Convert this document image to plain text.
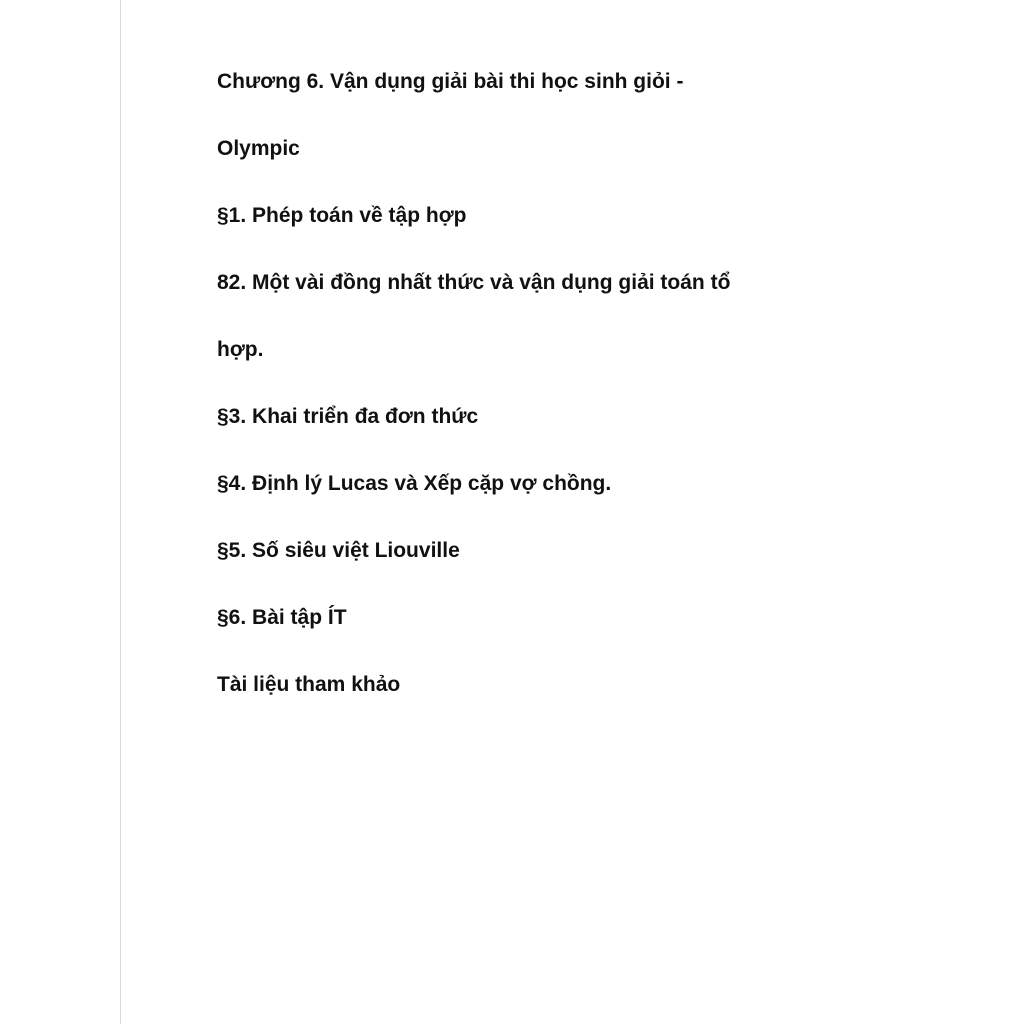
Chương 6. Vận dụng giải bài thi học sinh giỏi -
Olympic
§1. Phép toán về tập hợp
82. Một vài đồng nhất thức và vận dụng giải toán tổ
hợp.
§3. Khai triển đa đơn thức
§4. Định lý Lucas và Xếp cặp vợ chồng.
§5. Số siêu việt Liouville
§6. Bài tập ÍT
Tài liệu tham khảo
